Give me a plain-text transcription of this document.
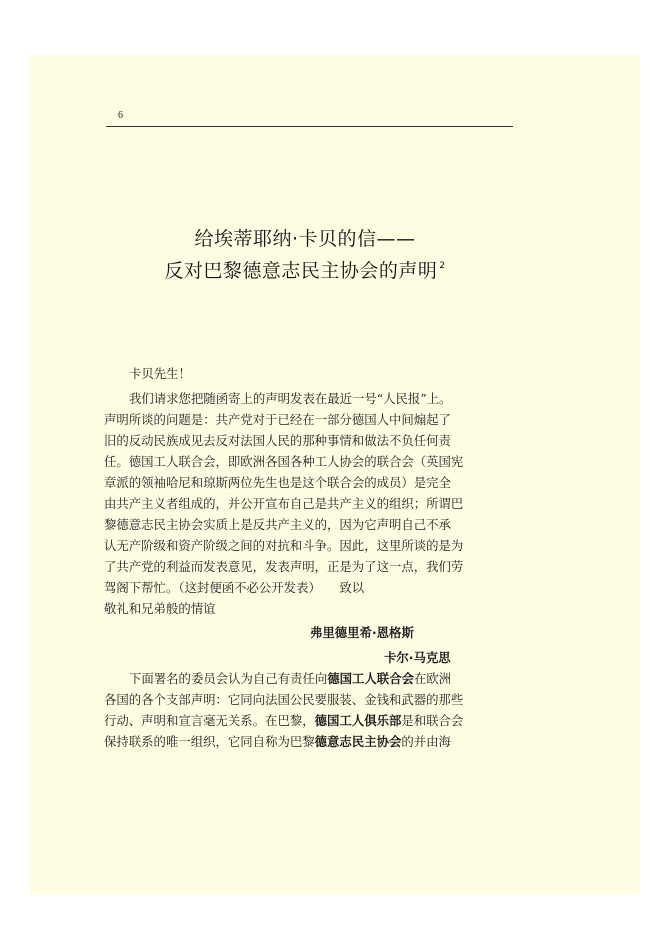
6
给埃蒂耶纳·卡贝的信——
反对巴黎德意志民主协会的声明 $^2$
卡贝先生！
我们请求您把随函寄上的声明发表在最近一号“人民报”上。
声明所谈的问题是：共产党对于已经在一部分德国人中间煽起了
旧的反动民族成见去反对法国人民的那种事情和做法不负任何责
任。德国工人联合会，即欧洲各国各种工人协会的联合会（英国宪
章派的领袖哈尼和琼斯两位先生也是这个联合会的成员）是完全
由共产主义者组成的，并公开宣布自己是共产主义的组织；所谓巴
黎德意志民主协会实质上是反共产主义的，因为它声明自己不承
认无产阶级和资产阶级之间的对抗和斗争。因此，这里所谈的是为
了共产党的利益而发表意见，发表声明，正是为了这一点，我们劳
驾阁下帮忙。（这封便函不必公开发表）　　致以
敬礼和兄弟般的情谊
弗里德里希·恩格斯
卡尔·马克思
下面署名的委员会认为自己有责任向德国工人联合会在欧洲
各国的各个支部声明：它同向法国公民要服装、金钱和武器的那些
行动、声明和宣言毫无关系。在巴黎，德国工人俱乐部是和联合会
保持联系的唯一组织，它同自称为巴黎德意志民主协会的并由海
